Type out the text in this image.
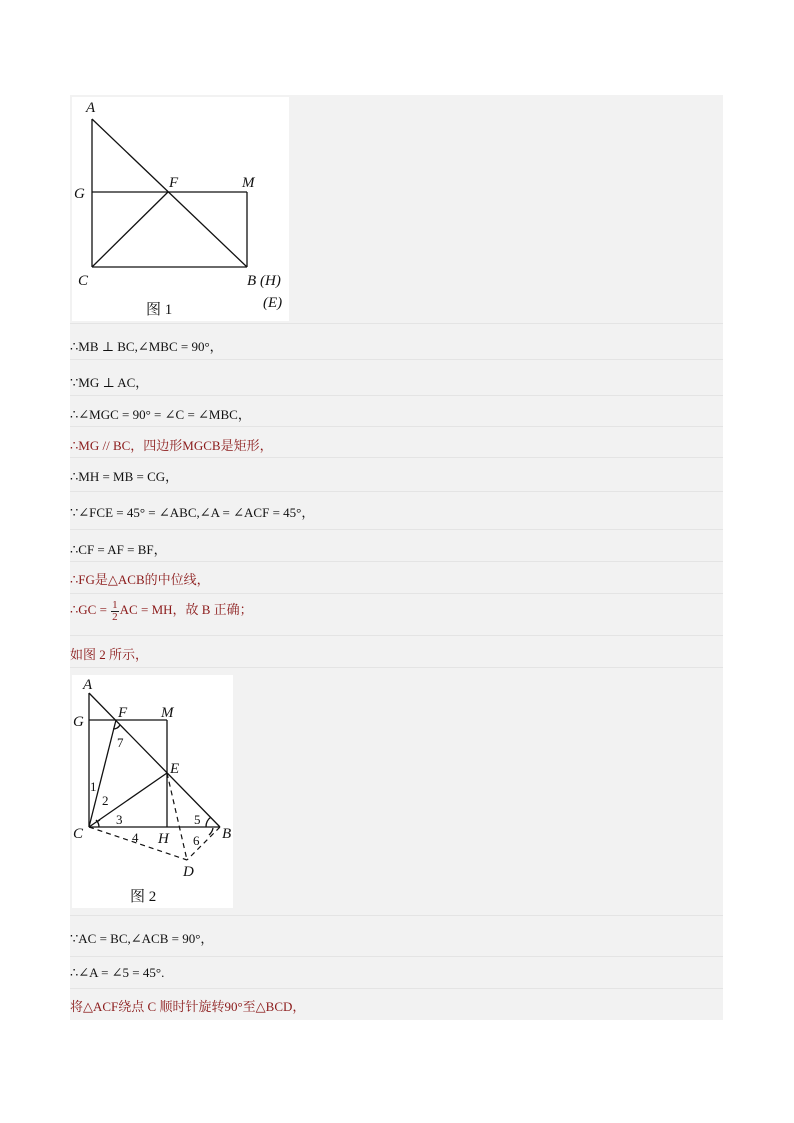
A
G
F	M
C	B (H)
(E)
图 1
∴MB ⊥ BC,∠MBC = 90°，
∵MG ⊥ AC，
∴∠MGC = 90° = ∠C = ∠MBC，
∴MG // BC，四边形MGCB是矩形，
∴MH = MB = CG，
∵∠FCE = 45° = ∠ABC,∠A = ∠ACF = 45°，
∴CF = AF = BF，
∴FG是△ACB的中位线，
∴GC = $\frac{1}{2}$ AC = MH，故 B 正确；
如图 2 所示，
A
G
F M
E
C	H	B
D
1
2
3
4
5
6
7
图 2
∵AC = BC,∠ACB = 90°，
∴∠A = ∠5 = 45°.
将△ACF绕点 C 顺时针旋转90°至△BCD，
